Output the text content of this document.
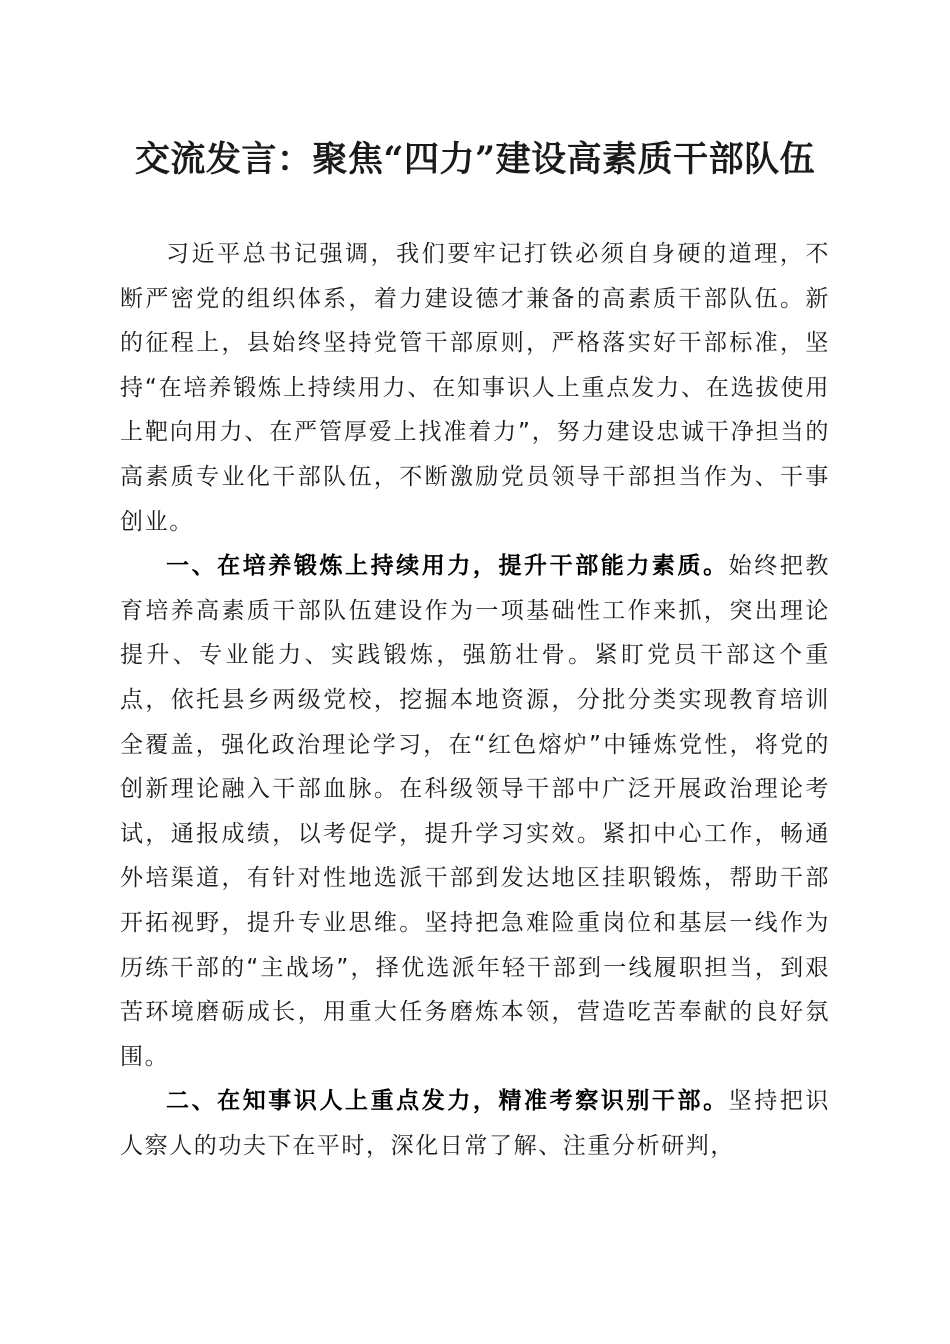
交流发言：聚焦“四力”建设高素质干部队伍

习近平总书记强调，我们要牢记打铁必须自身硬的道理，不断严密党的组织体系，着力建设德才兼备的高素质干部队伍。新的征程上，县始终坚持党管干部原则，严格落实好干部标准，坚持“在培养锻炼上持续用力、在知事识人上重点发力、在选拔使用上靶向用力、在严管厚爱上找准着力”，努力建设忠诚干净担当的高素质专业化干部队伍，不断激励党员领导干部担当作为、干事创业。

一、在培养锻炼上持续用力，提升干部能力素质。始终把教育培养高素质干部队伍建设作为一项基础性工作来抓，突出理论提升、专业能力、实践锻炼，强筋壮骨。紧盯党员干部这个重点，依托县乡两级党校，挖掘本地资源，分批分类实现教育培训全覆盖，强化政治理论学习，在“红色熔炉”中锤炼党性，将党的创新理论融入干部血脉。在科级领导干部中广泛开展政治理论考试，通报成绩，以考促学，提升学习实效。紧扣中心工作，畅通外培渠道，有针对性地选派干部到发达地区挂职锻炼，帮助干部开拓视野，提升专业思维。坚持把急难险重岗位和基层一线作为历练干部的“主战场”，择优选派年轻干部到一线履职担当，到艰苦环境磨砺成长，用重大任务磨炼本领，营造吃苦奉献的良好氛围。

二、在知事识人上重点发力，精准考察识别干部。坚持把识人察人的功夫下在平时，深化日常了解、注重分析研判，
